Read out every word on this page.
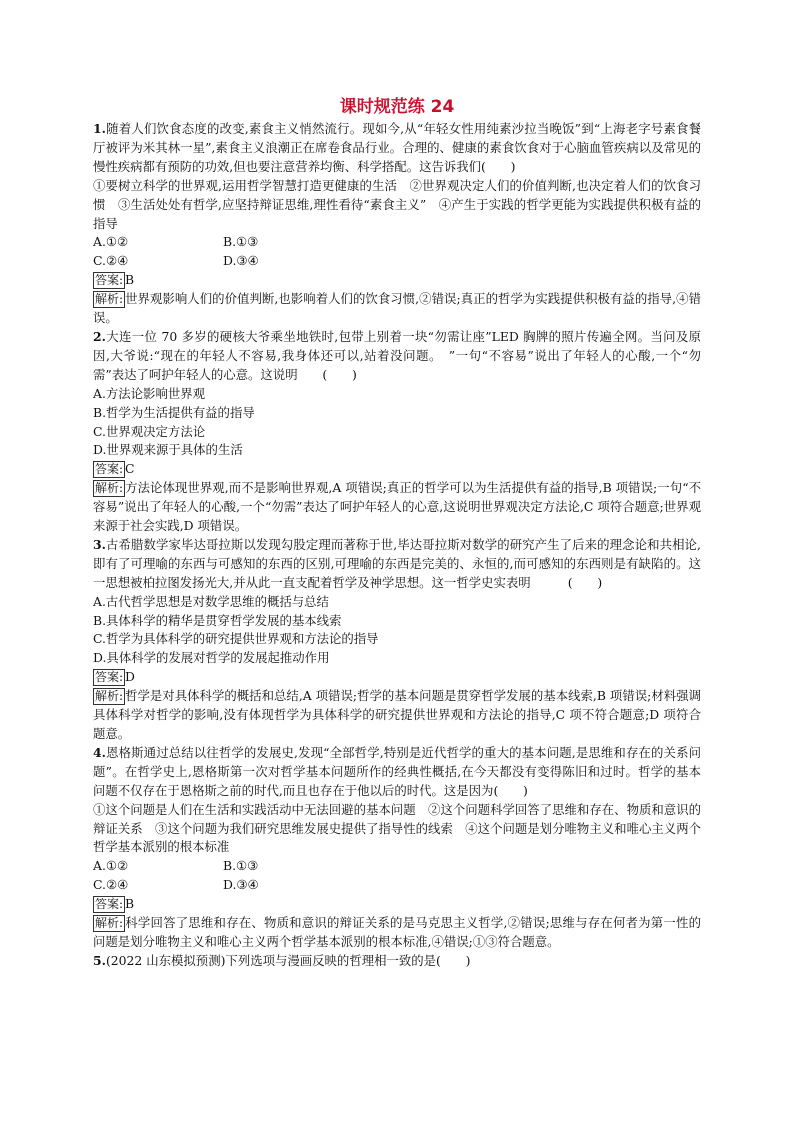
课时规范练 24

1.随着人们饮食态度的改变,素食主义悄然流行。现如今,从“年轻女性用纯素沙拉当晚饭”到“上海老字号素食餐厅被评为米其林一星”,素食主义浪潮正在席卷食品行业。合理的、健康的素食饮食对于心脑血管疾病以及常见的慢性疾病都有预防的功效,但也要注意营养均衡、科学搭配。这告诉我们(　　)

①要树立科学的世界观,运用哲学智慧打造更健康的生活　②世界观决定人们的价值判断,也决定着人们的饮食习惯　③生活处处有哲学,应坚持辩证思维,理性看待“素食主义”　④产生于实践的哲学更能为实践提供积极有益的指导

A.①②	B.①③
C.②④	D.③④
答案: B

解析: 世界观影响人们的价值判断,也影响着人们的饮食习惯,②错误;真正的哲学为实践提供积极有益的指导,④错误。

2.大连一位 70 多岁的硬核大爷乘坐地铁时,包带上别着一块“勿需让座”LED 胸牌的照片传遍全网。当问及原因,大爷说:“现在的年轻人不容易,我身体还可以,站着没问题。　”一句“不容易”说出了年轻人的心酸,一个“勿需”表达了呵护年轻人的心意。这说明　　(　　)

A.方法论影响世界观
B.哲学为生活提供有益的指导
C.世界观决定方法论
D.世界观来源于具体的生活
答案: C

解析: 方法论体现世界观,而不是影响世界观,A 项错误;真正的哲学可以为生活提供有益的指导,B 项错误;一句“不容易”说出了年轻人的心酸,一个“勿需”表达了呵护年轻人的心意,这说明世界观决定方法论,C 项符合题意;世界观来源于社会实践,D 项错误。

3.古希腊数学家毕达哥拉斯以发现勾股定理而著称于世,毕达哥拉斯对数学的研究产生了后来的理念论和共相论,即有了可理喻的东西与可感知的东西的区别,可理喻的东西是完美的、永恒的,而可感知的东西则是有缺陷的。这一思想被柏拉图发扬光大,并从此一直支配着哲学及神学思想。这一哲学史实表明　　　(　　)

A.古代哲学思想是对数学思维的概括与总结
B.具体科学的精华是贯穿哲学发展的基本线索
C.哲学为具体科学的研究提供世界观和方法论的指导
D.具体科学的发展对哲学的发展起推动作用
答案: D

解析: 哲学是对具体科学的概括和总结,A 项错误;哲学的基本问题是贯穿哲学发展的基本线索,B 项错误;材料强调具体科学对哲学的影响,没有体现哲学为具体科学的研究提供世界观和方法论的指导,C 项不符合题意;D 项符合题意。

4.恩格斯通过总结以往哲学的发展史,发现“全部哲学,特别是近代哲学的重大的基本问题,是思维和存在的关系问题”。在哲学史上,恩格斯第一次对哲学基本问题所作的经典性概括,在今天都没有变得陈旧和过时。哲学的基本问题不仅存在于恩格斯之前的时代,而且也存在于他以后的时代。这是因为(　　)

①这个问题是人们在生活和实践活动中无法回避的基本问题　②这个问题科学回答了思维和存在、物质和意识的辩证关系　③这个问题为我们研究思维发展史提供了指导性的线索　④这个问题是划分唯物主义和唯心主义两个哲学基本派别的根本标准

A.①②	B.①③
C.②④	D.③④
答案: B

解析: 科学回答了思维和存在、物质和意识的辩证关系的是马克思主义哲学,②错误;思维与存在何者为第一性的问题是划分唯物主义和唯心主义两个哲学基本派别的根本标准,④错误;①③符合题意。

5.(2022 山东模拟预测)下列选项与漫画反映的哲理相一致的是(　　)
